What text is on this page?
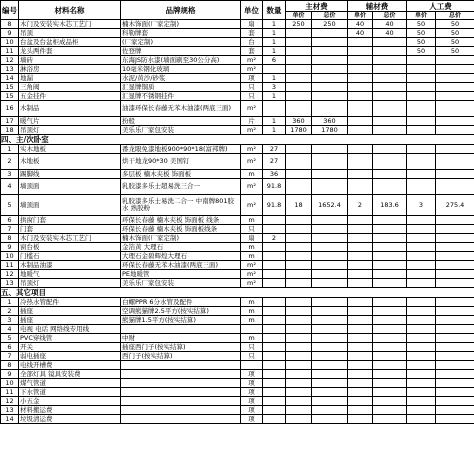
编号	材料名称	品牌规格	单位	数量	主材费		辅材费		人工费	
					单价	总价	单价	总价	单价	总价
8	木门及安装实木芯工艺门	楠木饰面(厂家定制)	扇	1	250	250	40	40	50	50
9	吊顶	科勒牌套	套	1			40	40	50	50
10	台盆及台盆柜成品柜	(厂家定制)	台	1					50	50
11	龙头两件套	佐登牌	套	1					50	50
12	墙砖	东海JS防水漆(墙面刷至30公分高)	m²	6						
13	淋浴房	10毫米钢化玻璃	m²							
14	地漏	水泥/黄沙/砂浆	项	1						
15	三角阀	汇显牌铜质	只	3						
15	五金挂件	汇显牌不锈钢挂件	只	1						
16	木制品	油漆环保长春藤无苯木油漆(两底三面)	m²							
17	暖气片	扮般	片	1	360	360				
18	吊顶灯	美乐乐厂家包安装	m²	1	1780	1780				
四、主/次卧室										
1	实木地板	番龙眼免漆地板900*90*18(富邦牌)	m²	27						
2	木地板	烘干地龙90*30 美国钉	m²	27						
3	踢脚线	多层板 楠木夹板 饰面板	m	36						
4	墙顶面	乳胶漆多乐士超易洗三合一	m²	91.8						
5	墙顶面	乳胶漆多乐士易洗二合一 中南牌801胶水 熟胶粉	m²	91.8	18	1652.4	2	183.6	3	275.4
6	拱窗门套	环保长春藤 楠木夹板 饰面板 线条	m							
7	门套	环保长春藤 楠木夹板 饰面板线条	只							
8	木门及安装实木芯工艺门	楠木饰面(厂家定制)	扇	2						
9	窗台板	金箔黄 大理石	m							
10	门槛石	大理石金碧辉煌大理石	m							
11	木制品油漆	环保长春藤无苯木油漆(两底三面)	m²							
12	地暖气	PE地暖管	m²							
13	吊顶灯	美乐乐厂家包安装	m²							
五、其它项目										
1	冷热水管配件	白螺PPR 6分水管及配件	m							
2	插座	空调熊猫牌2.5平方(按实结算)	m							
3	插座	熊猫牌1.5平方(按实结算)	m							
4	电视 电话 网络线专用线									
5	PVC穿线管	中财	m							
6	开关	插座西门子(按实结算)	只							
7	弱电插座	西门子(按实结算)	只							
8	电线开槽费									
9	全部灯具 镜具安装费		项							
10	煤气管道		项							
11	下水管道		项							
12	小五金		项							
13	材料搬运费		项							
14	垃圾清运费		项							
